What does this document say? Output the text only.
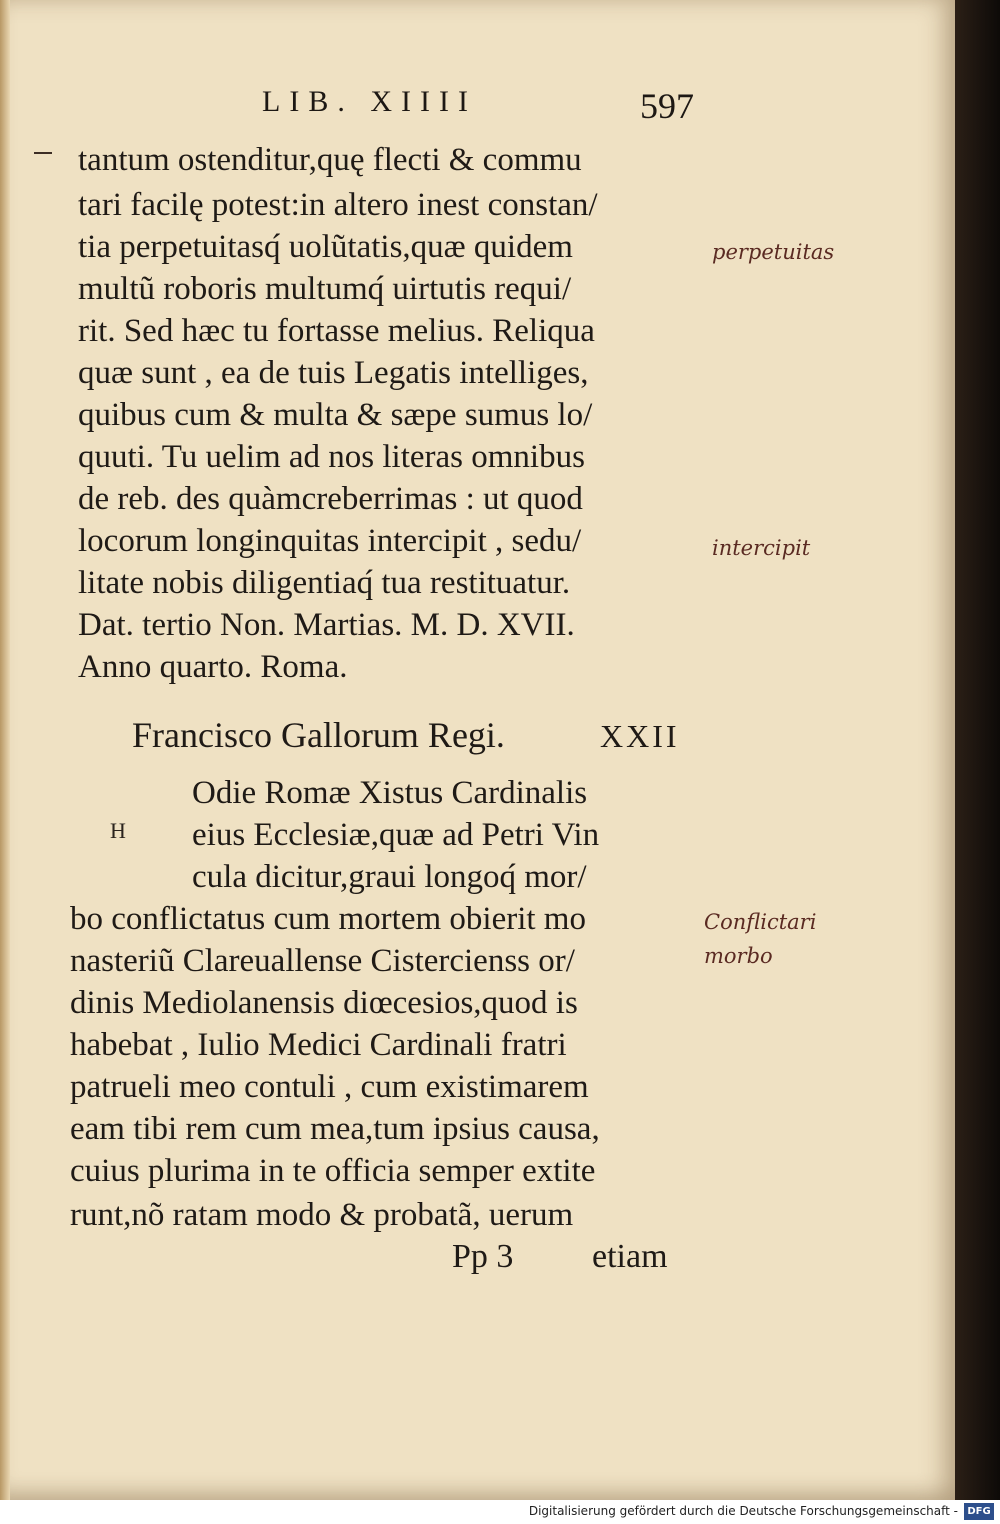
LIB. XIIII	597

tantum ostenditur,quę flecti & commu

tari facilę potest:in altero inest constan/

tia perpetuitasq́ uolũtatis,quæ quidem

multũ roboris multumq́ uirtutis requi/

rit. Sed hæc tu fortasse melius. Reliqua

quæ sunt , ea de tuis Legatis intelliges,

quibus cum & multa & sæpe sumus lo/

quuti. Tu uelim ad nos literas omnibus

de reb. des quàmcreberrimas : ut quod

locorum longinquitas intercipit , sedu/

litate nobis diligentiaq́ tua restituatur.

Dat. tertio Non. Martias. M. D. XVII.

Anno quarto. Roma.

Francisco Gallorum Regi.	XXII
H

Odie Romæ Xistus Cardinalis

eius Ecclesiæ,quæ ad Petri Vin

cula dicitur,graui longoq́ mor/

bo conflictatus cum mortem obierit mo

nasteriũ Clareuallense Cistercienss or/

dinis Mediolanensis diœcesios,quod is

habebat , Iulio Medici Cardinali fratri

patrueli meo contuli , cum existimarem

eam tibi rem cum mea,tum ipsius causa,

cuius plurima in te officia semper extite

runt,nõ ratam modo & probatã, uerum

Pp 3 etiam
perpetuitas
intercipit
Conflictari
morbo
Digitalisierung gefördert durch die Deutsche Forschungsgemeinschaft - DFG
